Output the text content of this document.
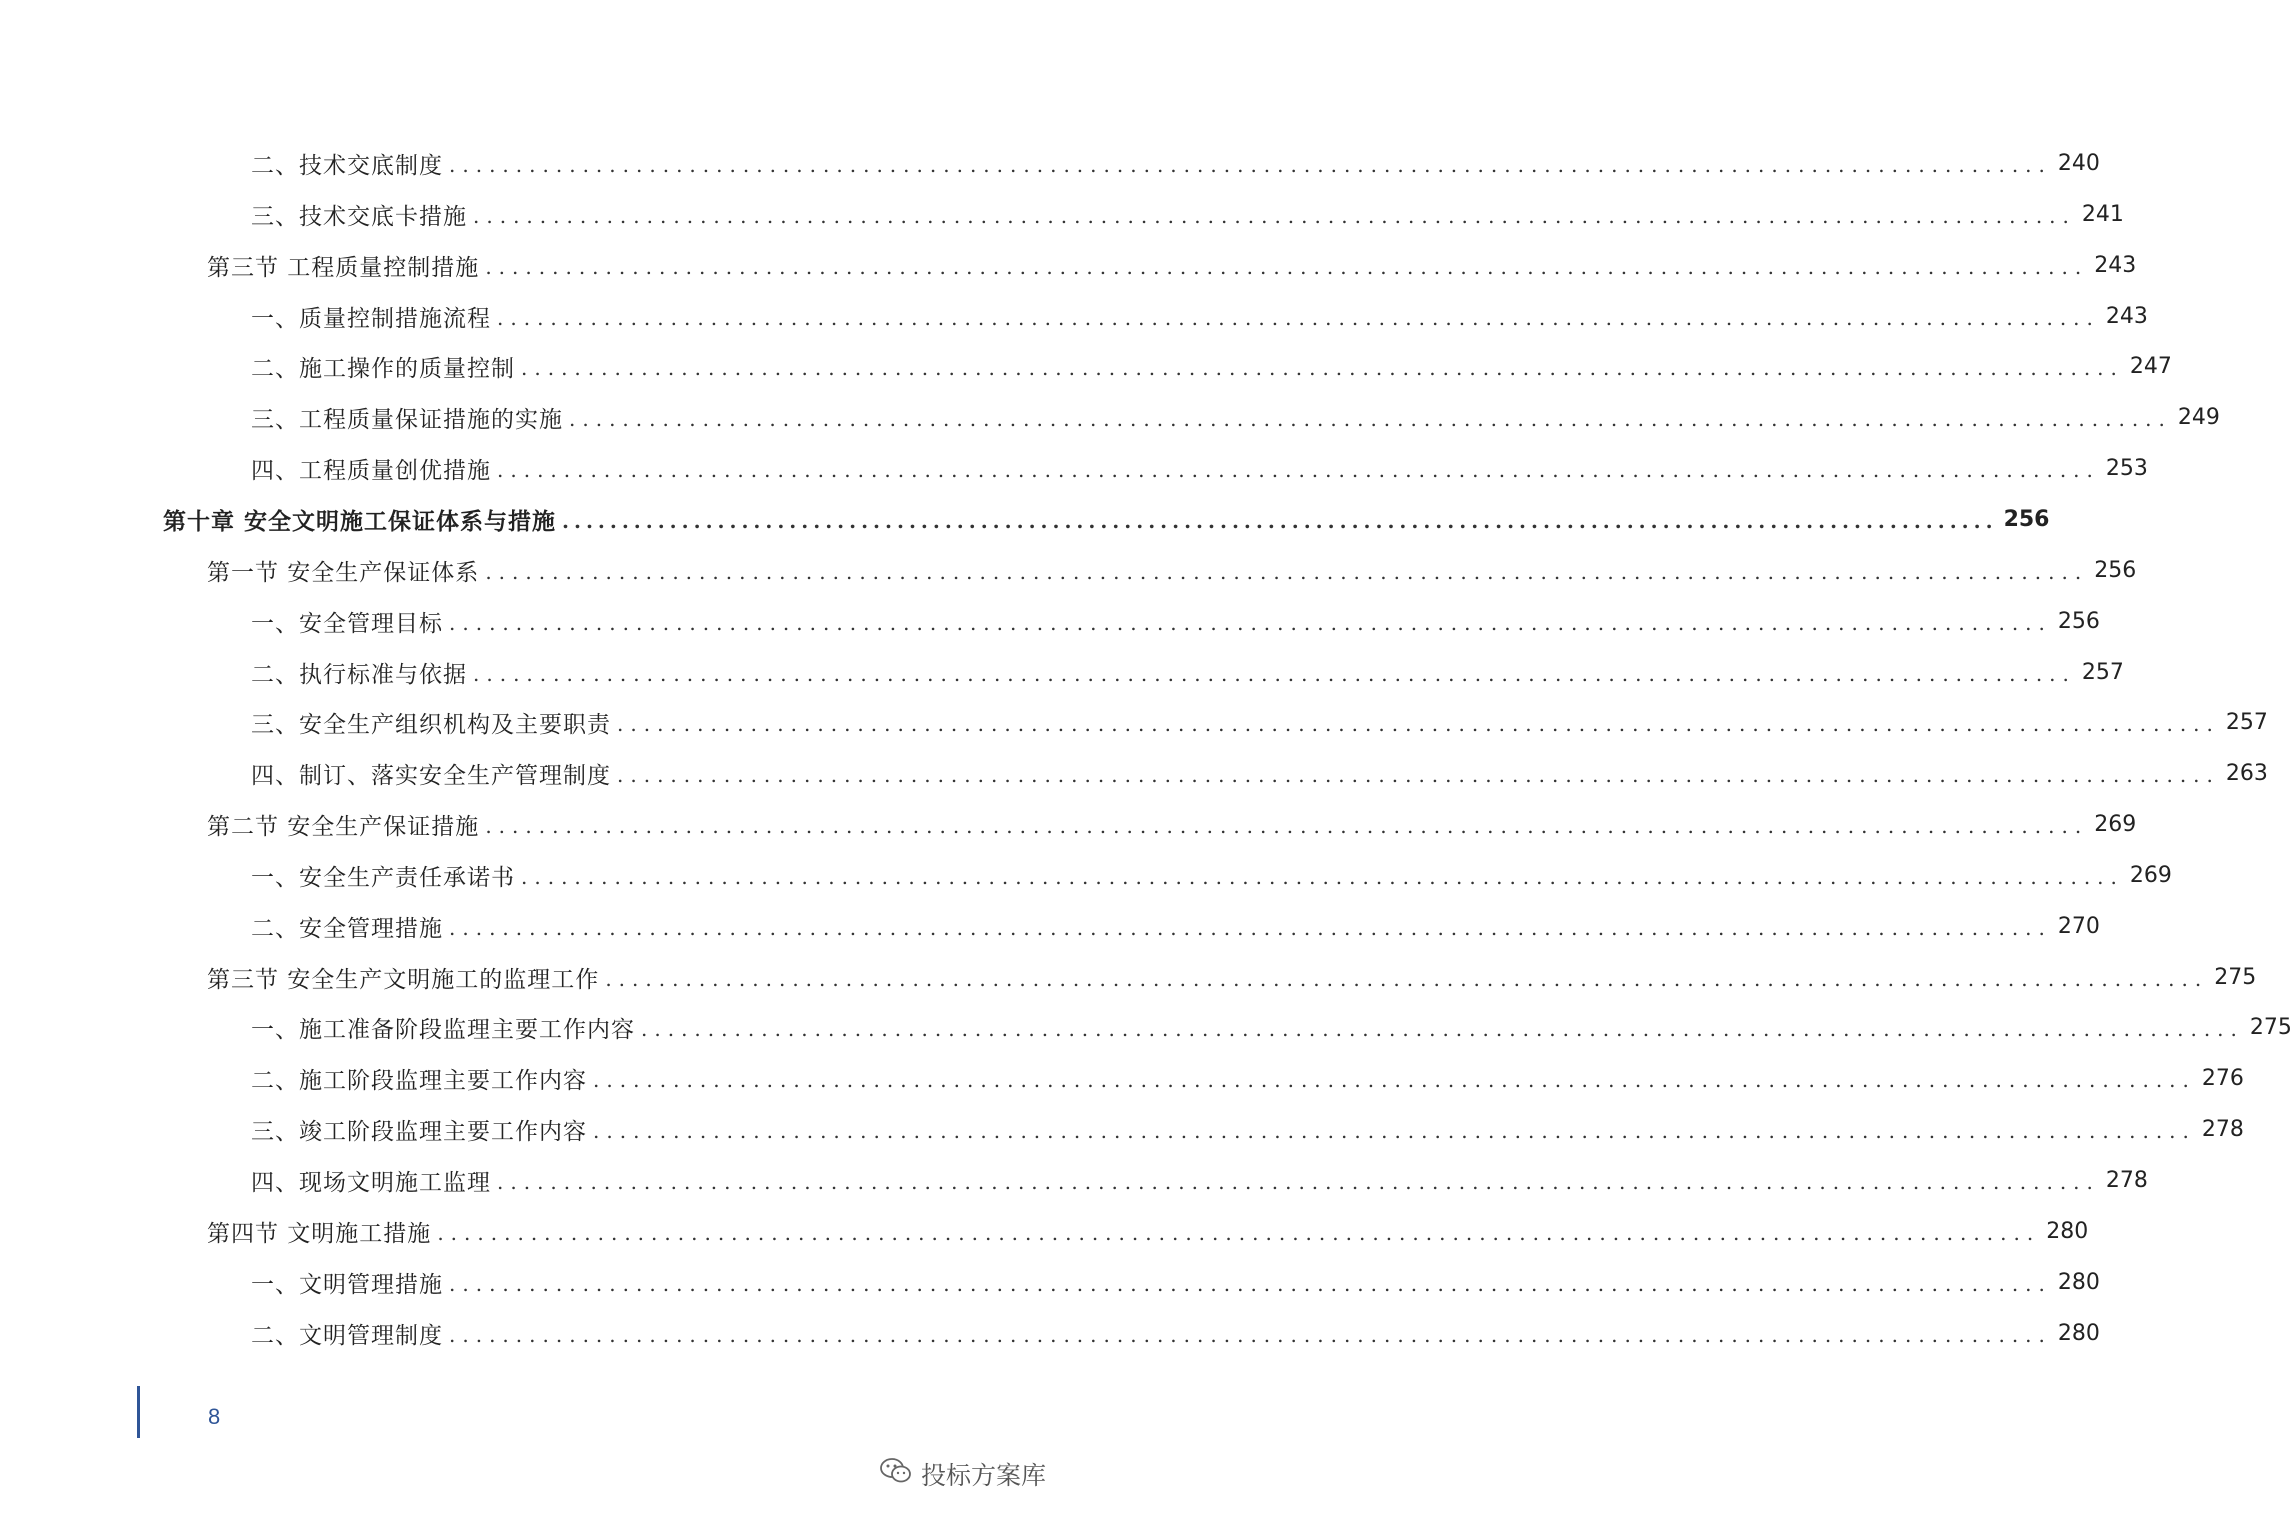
二、技术交底制度 ........................................................................................................................ 240
三、技术交底卡措施 ........................................................................................................................ 241
第三节 工程质量控制措施 ........................................................................................................................ 243
一、质量控制措施流程 ........................................................................................................................ 243
二、施工操作的质量控制 ........................................................................................................................ 247
三、工程质量保证措施的实施 ........................................................................................................................ 249
四、工程质量创优措施 ........................................................................................................................ 253
第十章 安全文明施工保证体系与措施 ........................................................................................................................ 256
第一节 安全生产保证体系 ........................................................................................................................ 256
一、安全管理目标 ........................................................................................................................ 256
二、执行标准与依据 ........................................................................................................................ 257
三、安全生产组织机构及主要职责 ........................................................................................................................ 257
四、制订、落实安全生产管理制度 ........................................................................................................................ 263
第二节 安全生产保证措施 ........................................................................................................................ 269
一、安全生产责任承诺书 ........................................................................................................................ 269
二、安全管理措施 ........................................................................................................................ 270
第三节 安全生产文明施工的监理工作 ........................................................................................................................ 275
一、施工准备阶段监理主要工作内容 ........................................................................................................................ 275
二、施工阶段监理主要工作内容 ........................................................................................................................ 276
三、竣工阶段监理主要工作内容 ........................................................................................................................ 278
四、现场文明施工监理 ........................................................................................................................ 278
第四节 文明施工措施 ........................................................................................................................ 280
一、文明管理措施 ........................................................................................................................ 280
二、文明管理制度 ........................................................................................................................ 280
8
投标方案库
